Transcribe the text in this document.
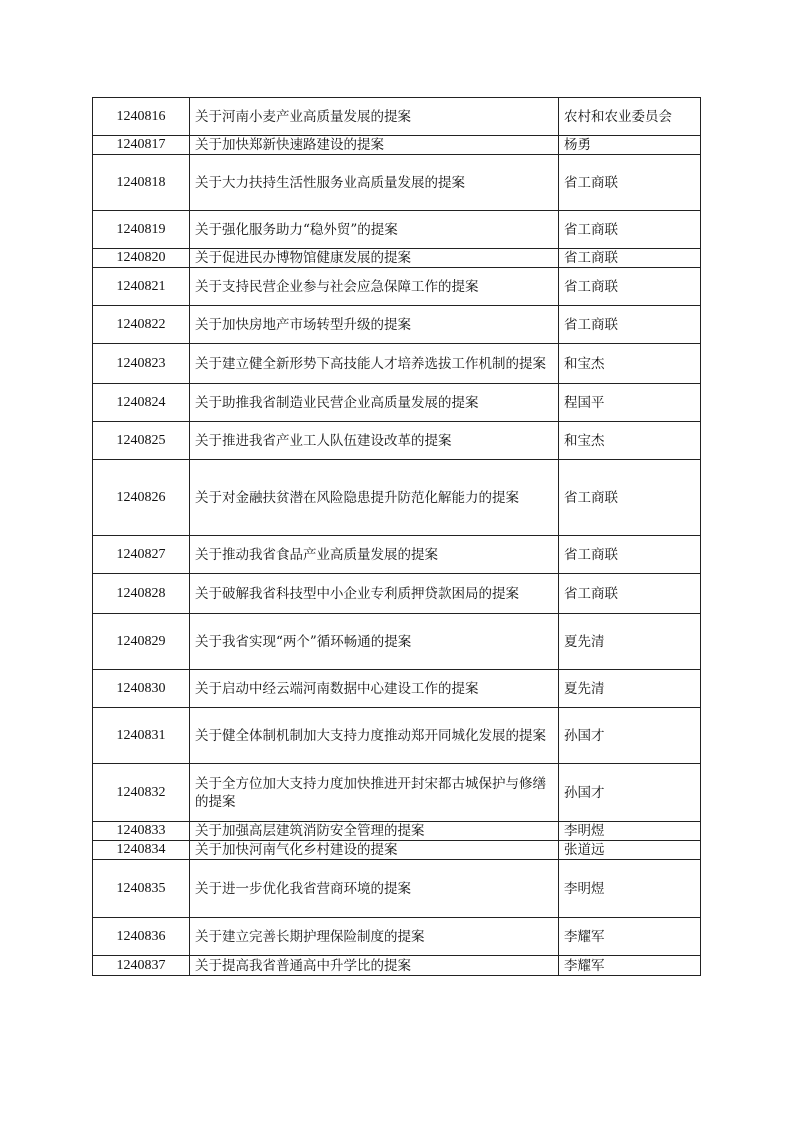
1240816	关于河南小麦产业高质量发展的提案	农村和农业委员会
1240817	关于加快郑新快速路建设的提案	杨勇
1240818	关于大力扶持生活性服务业高质量发展的提案	省工商联
1240819	关于强化服务助力“稳外贸”的提案	省工商联
1240820	关于促进民办博物馆健康发展的提案	省工商联
1240821	关于支持民营企业参与社会应急保障工作的提案	省工商联
1240822	关于加快房地产市场转型升级的提案	省工商联
1240823	关于建立健全新形势下高技能人才培养选拔工作机制的提案	和宝杰
1240824	关于助推我省制造业民营企业高质量发展的提案	程国平
1240825	关于推进我省产业工人队伍建设改革的提案	和宝杰
1240826	关于对金融扶贫潜在风险隐患提升防范化解能力的提案	省工商联
1240827	关于推动我省食品产业高质量发展的提案	省工商联
1240828	关于破解我省科技型中小企业专利质押贷款困局的提案	省工商联
1240829	关于我省实现“两个”循环畅通的提案	夏先清
1240830	关于启动中经云端河南数据中心建设工作的提案	夏先清
1240831	关于健全体制机制加大支持力度推动郑开同城化发展的提案	孙国才
1240832	关于全方位加大支持力度加快推进开封宋都古城保护与修缮的提案	孙国才
1240833	关于加强高层建筑消防安全管理的提案	李明煜
1240834	关于加快河南气化乡村建设的提案	张道远
1240835	关于进一步优化我省营商环境的提案	李明煜
1240836	关于建立完善长期护理保险制度的提案	李耀军
1240837	关于提高我省普通高中升学比的提案	李耀军
